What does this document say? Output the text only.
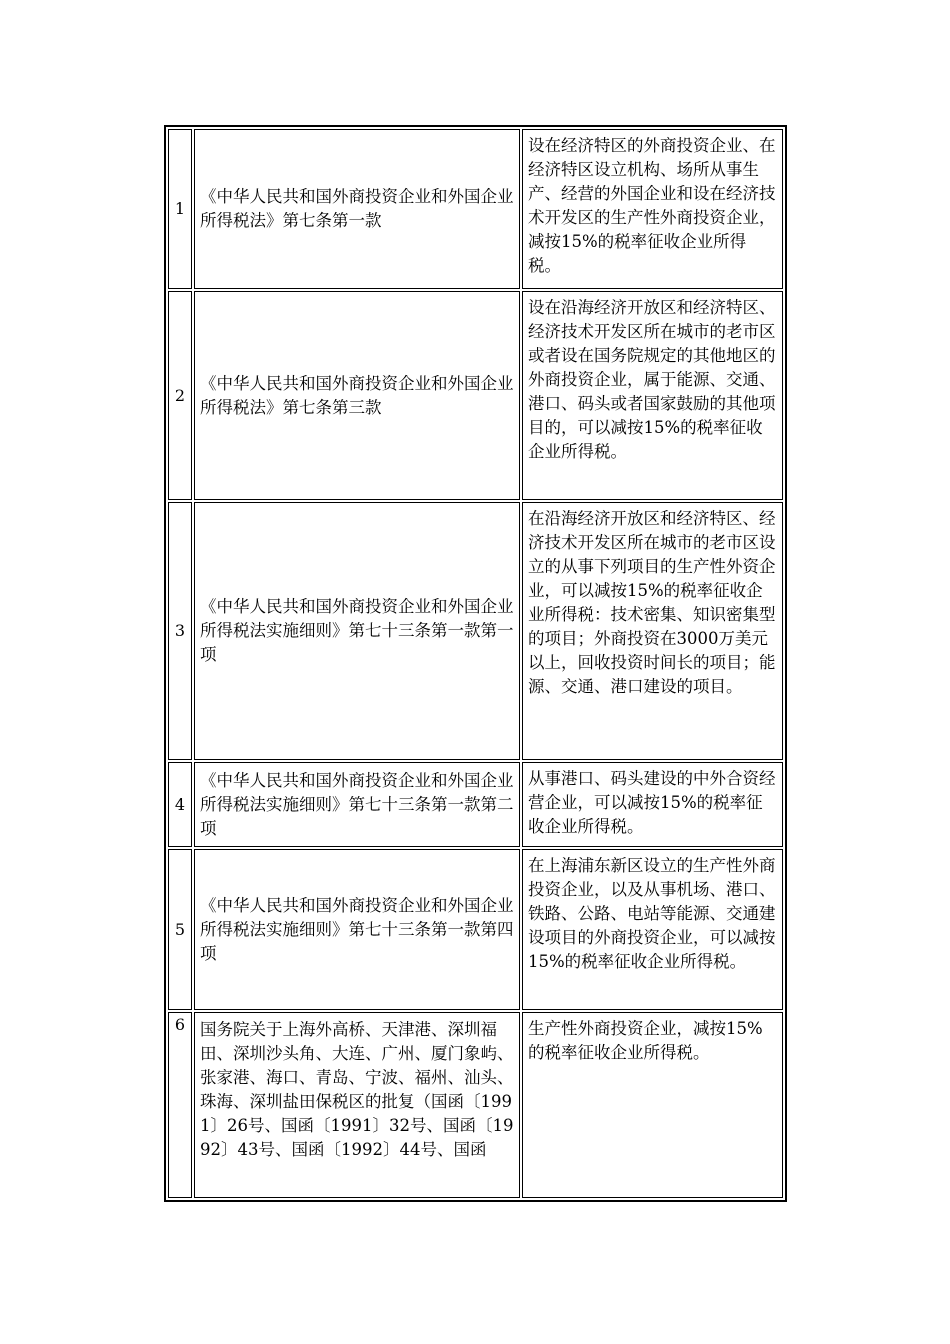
1	《中华人民共和国外商投资企业和外国企业所得税法》第七条第一款	设在经济特区的外商投资企业、在经济特区设立机构、场所从事生产、经营的外国企业和设在经济技术开发区的生产性外商投资企业，减按15%的税率征收企业所得税。
2	《中华人民共和国外商投资企业和外国企业所得税法》第七条第三款	设在沿海经济开放区和经济特区、经济技术开发区所在城市的老市区或者设在国务院规定的其他地区的外商投资企业，属于能源、交通、港口、码头或者国家鼓励的其他项目的，可以减按15%的税率征收企业所得税。
3	《中华人民共和国外商投资企业和外国企业所得税法实施细则》第七十三条第一款第一项	在沿海经济开放区和经济特区、经济技术开发区所在城市的老市区设立的从事下列项目的生产性外资企业，可以减按15%的税率征收企业所得税：技术密集、知识密集型的项目；外商投资在3000万美元以上，回收投资时间长的项目；能源、交通、港口建设的项目。
4	《中华人民共和国外商投资企业和外国企业所得税法实施细则》第七十三条第一款第二项	从事港口、码头建设的中外合资经营企业，可以减按15%的税率征收企业所得税。
5	《中华人民共和国外商投资企业和外国企业所得税法实施细则》第七十三条第一款第四项	在上海浦东新区设立的生产性外商投资企业，以及从事机场、港口、铁路、公路、电站等能源、交通建设项目的外商投资企业，可以减按15%的税率征收企业所得税。
6	国务院关于上海外高桥、天津港、深圳福田、深圳沙头角、大连、广州、厦门象屿、张家港、海口、青岛、宁波、福州、汕头、珠海、深圳盐田保税区的批复（国函〔1991〕26号、国函〔1991〕32号、国函〔1992〕43号、国函〔1992〕44号、国函	生产性外商投资企业，减按15%的税率征收企业所得税。
